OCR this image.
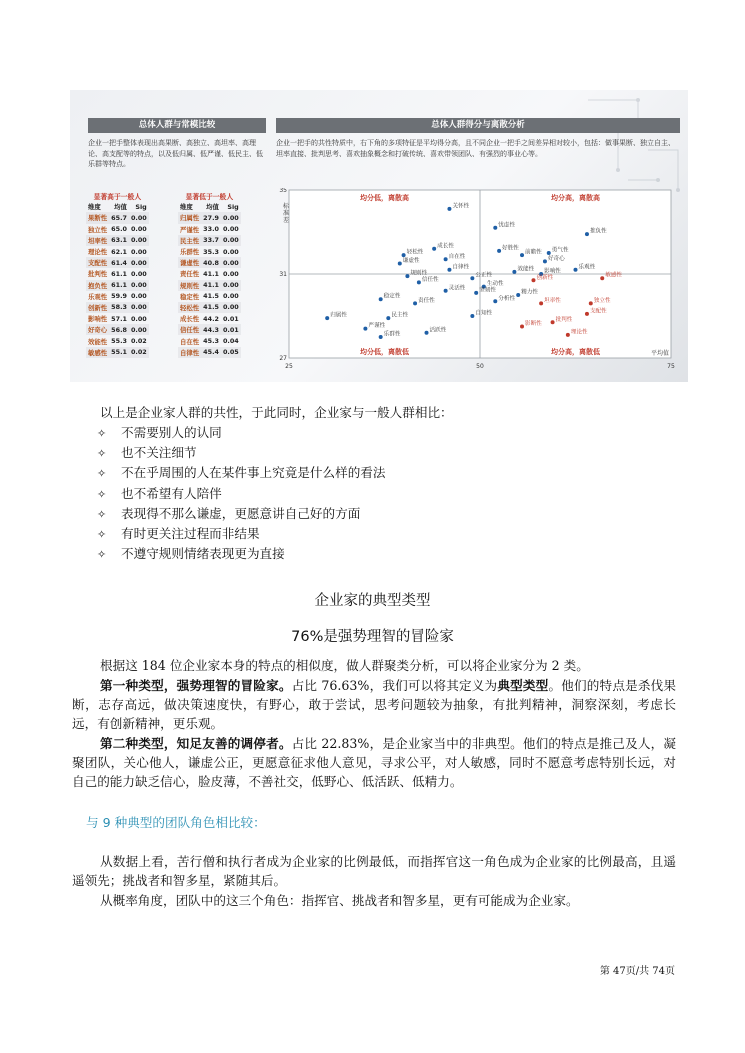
总体人群与常模比较	总体人群得分与离散分析
企业一把手整体表现出高果断、高独立、高坦率、高理论、高支配等的特点，以及低归属、低严谨、低民主、低乐群等特点。
企业一把手的共性特质中，右下角的多项特征是平均得分高，且不同企业一把手之间差异相对较小，包括：做事果断、独立自主、坦率直接、批判思考、喜欢抽象概念和打破传统、喜欢带领团队、有强烈的事业心等。
显著高于一般人		
维度	均值	Sig
果断性	65.7	0.00
独立性	65.0	0.00
坦率性	63.1	0.00
理论性	62.1	0.00
支配性	61.4	0.00
批判性	61.1	0.00
抱负性	61.1	0.00
乐观性	59.9	0.00
创新性	58.3	0.00
影响性	57.1	0.00
好奇心	56.8	0.00
效能性	55.3	0.02
敏感性	55.1	0.02
显著低于一般人		
维度	均值	Sig
归属性	27.9	0.00
严谨性	33.0	0.00
民主性	33.7	0.00
乐群性	35.3	0.00
谦虚性	40.8	0.00
责任性	41.1	0.00
规则性	41.1	0.00
稳定性	41.5	0.00
轻松性	41.5	0.00
成长性	44.2	0.01
信任性	44.3	0.01
自在性	45.3	0.04
自律性	45.4	0.05
25	50	75
35
31
27
平均值
标准差
均分低，离散高	均分高，离散高
均分低，离散低	均分高，离散低
关怀性
忧虑性
推负性
成长性
轻松性
谦虚性
自在性
好胜性
前瞻性 勇气性
好奇心
自律性	效能性 影响性
乐观性
规则性
信任性
公正性	创新性	敏感性
生动性
灵活性 坚韧性	精力性
分析性
稳定性
责任性	坦率性	独立性
自知性	支配性
归属性	民主性
批判性
影断性
严谨性
乐群性
活跃性	理论性
以上是企业家人群的共性，于此同时，企业家与一般人群相比：
✧ 不需要别人的认同
✧ 也不关注细节
✧ 不在乎周围的人在某件事上究竟是什么样的看法
✧ 也不希望有人陪伴
✧ 表现得不那么谦虚，更愿意讲自己好的方面
✧ 有时更关注过程而非结果
✧ 不遵守规则情绪表现更为直接
企业家的典型类型
76%是强势理智的冒险家
根据这 184 位企业家本身的特点的相似度，做人群聚类分析，可以将企业家分为 2 类。
第一种类型，强势理智的冒险家。占比 76.63%，我们可以将其定义为典型类型。他们的特点是杀伐果断，志存高远，做决策速度快，有野心，敢于尝试，思考问题较为抽象，有批判精神，洞察深刻，考虑长远，有创新精神，更乐观。
第二种类型，知足友善的调停者。占比 22.83%，是企业家当中的非典型。他们的特点是推己及人，凝聚团队，关心他人，谦虚公正，更愿意征求他人意见，寻求公平，对人敏感，同时不愿意考虑特别长远，对自己的能力缺乏信心，脸皮薄，不善社交，低野心、低活跃、低精力。
与 9 种典型的团队角色相比较：
从数据上看，苦行僧和执行者成为企业家的比例最低，而指挥官这一角色成为企业家的比例最高，且遥遥领先；挑战者和智多星，紧随其后。
从概率角度，团队中的这三个角色：指挥官、挑战者和智多星，更有可能成为企业家。
第 47页/共 74页
